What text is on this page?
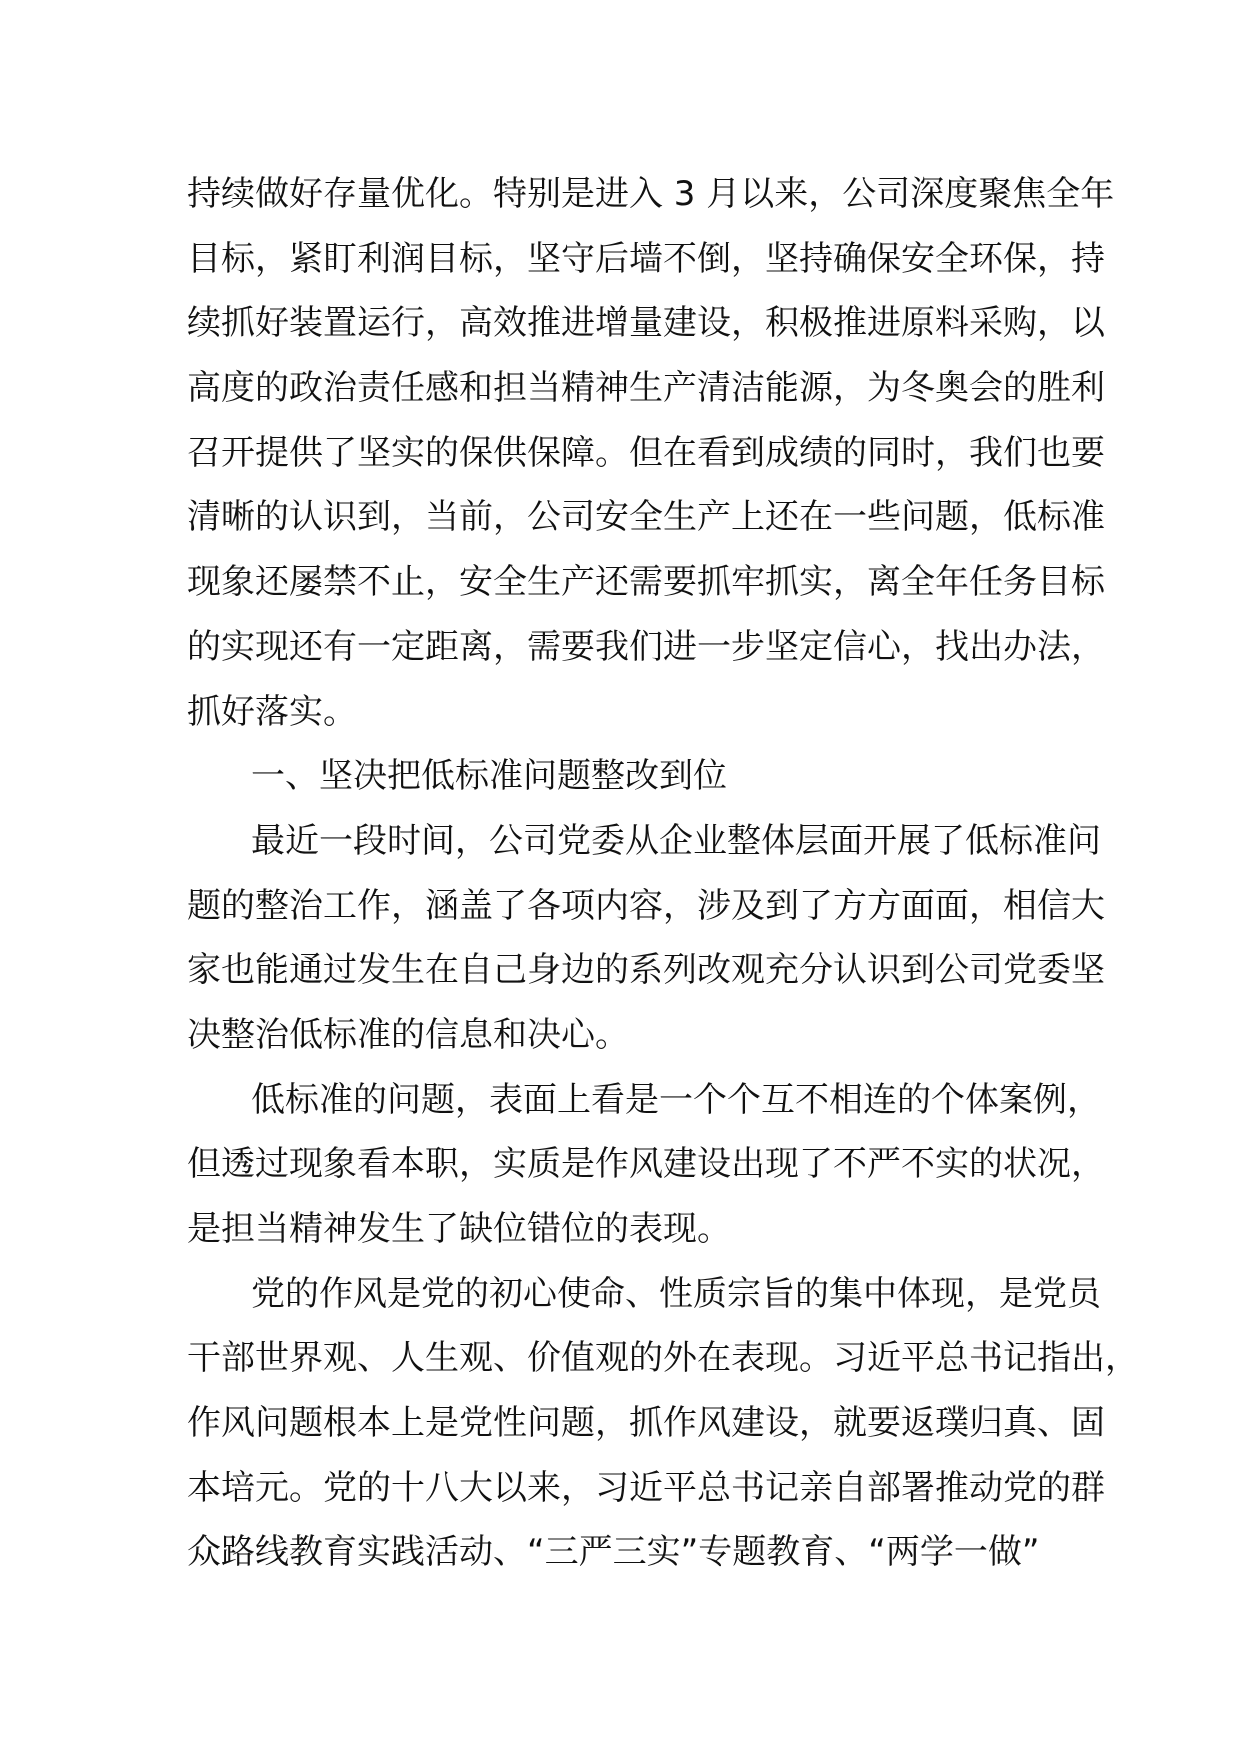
持续做好存量优化。特别是进入 3 月以来，公司深度聚焦全年
目标，紧盯利润目标，坚守后墙不倒，坚持确保安全环保，持
续抓好装置运行，高效推进增量建设，积极推进原料采购，以
高度的政治责任感和担当精神生产清洁能源，为冬奥会的胜利
召开提供了坚实的保供保障。但在看到成绩的同时，我们也要
清晰的认识到，当前，公司安全生产上还在一些问题，低标准
现象还屡禁不止，安全生产还需要抓牢抓实，离全年任务目标
的实现还有一定距离，需要我们进一步坚定信心，找出办法，
抓好落实。
一、坚决把低标准问题整改到位
最近一段时间，公司党委从企业整体层面开展了低标准问
题的整治工作，涵盖了各项内容，涉及到了方方面面，相信大
家也能通过发生在自己身边的系列改观充分认识到公司党委坚
决整治低标准的信息和决心。
低标准的问题，表面上看是一个个互不相连的个体案例，
但透过现象看本职，实质是作风建设出现了不严不实的状况，
是担当精神发生了缺位错位的表现。
党的作风是党的初心使命、性质宗旨的集中体现，是党员
干部世界观、人生观、价值观的外在表现。习近平总书记指出，
作风问题根本上是党性问题，抓作风建设，就要返璞归真、固
本培元。党的十八大以来，习近平总书记亲自部署推动党的群
众路线教育实践活动、“三严三实”专题教育、“两学一做”
